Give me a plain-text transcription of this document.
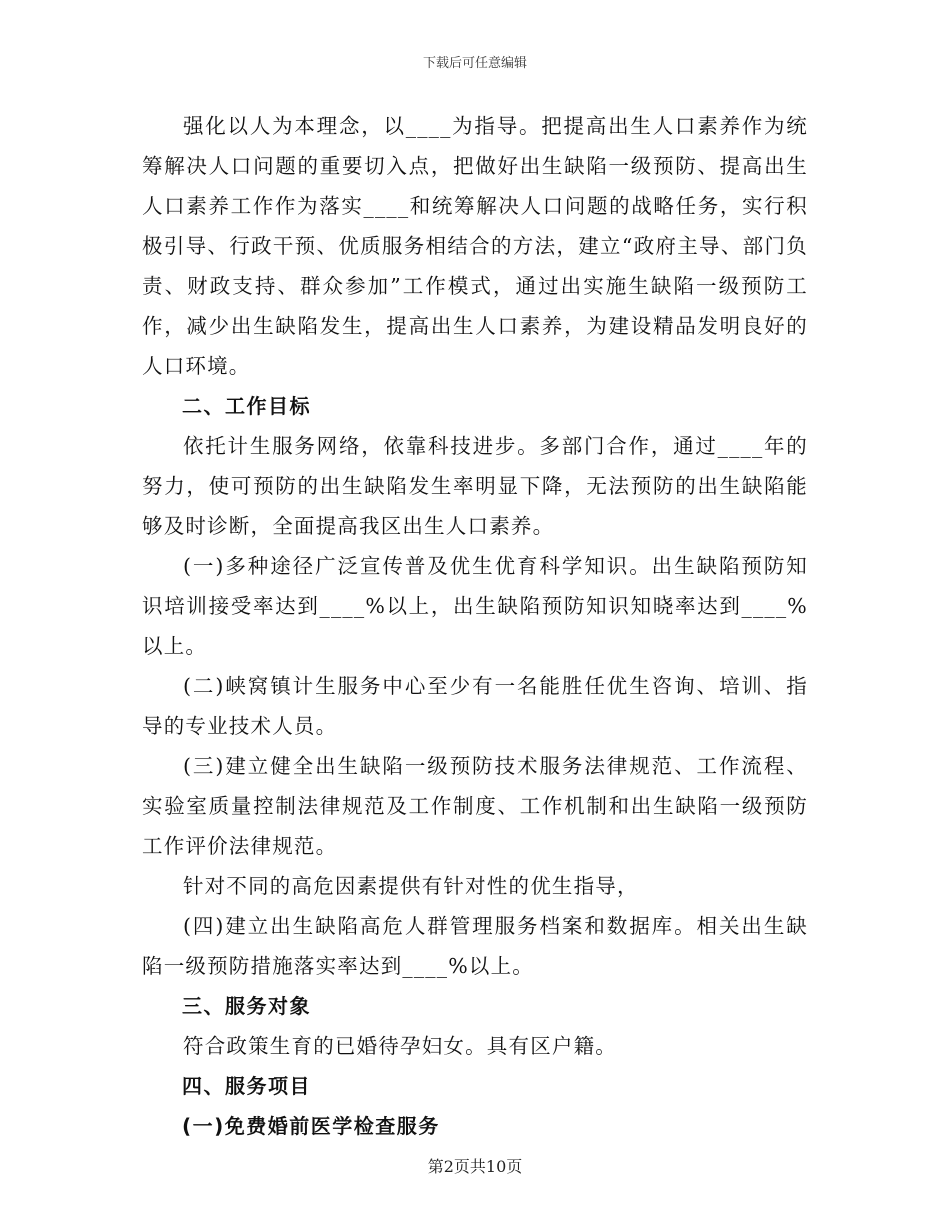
下载后可任意编辑

强化以人为本理念，以____为指导。把提高出生人口素养作为统筹解决人口问题的重要切入点，把做好出生缺陷一级预防、提高出生人口素养工作作为落实____和统筹解决人口问题的战略任务，实行积极引导、行政干预、优质服务相结合的方法，建立“政府主导、部门负责、财政支持、群众参加”工作模式，通过出实施生缺陷一级预防工作，减少出生缺陷发生，提高出生人口素养，为建设精品发明良好的人口环境。

二、工作目标

依托计生服务网络，依靠科技进步。多部门合作，通过____年的努力，使可预防的出生缺陷发生率明显下降，无法预防的出生缺陷能够及时诊断，全面提高我区出生人口素养。

(一)多种途径广泛宣传普及优生优育科学知识。出生缺陷预防知识培训接受率达到____%以上，出生缺陷预防知识知晓率达到____%以上。

(二)峡窝镇计生服务中心至少有一名能胜任优生咨询、培训、指导的专业技术人员。

(三)建立健全出生缺陷一级预防技术服务法律规范、工作流程、实验室质量控制法律规范及工作制度、工作机制和出生缺陷一级预防工作评价法律规范。

针对不同的高危因素提供有针对性的优生指导，

(四)建立出生缺陷高危人群管理服务档案和数据库。相关出生缺陷一级预防措施落实率达到____%以上。

三、服务对象

符合政策生育的已婚待孕妇女。具有区户籍。

四、服务项目

(一)免费婚前医学检查服务

第2页共10页
